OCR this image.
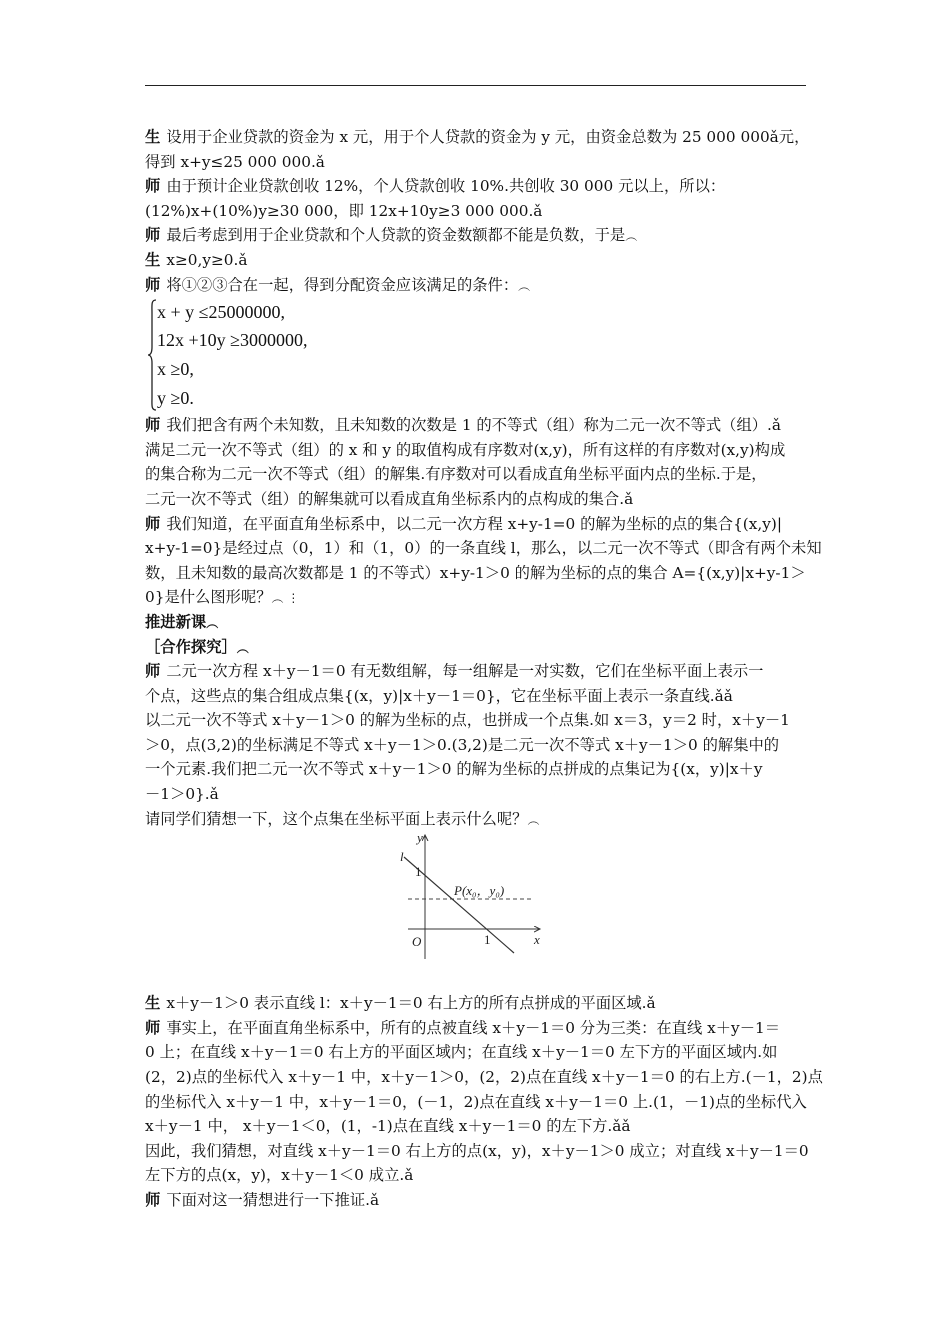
生 设用于企业贷款的资金为 x 元，用于个人贷款的资金为 y 元，由资金总数为 25 000 000ǎ元，
得到 x+y≤25 000 000.ǎ
师 由于预计企业贷款创收 12%，个人贷款创收 10%.共创收 30 000 元以上，所以：
(12%)x+(10%)y≥30 000，即 12x+10y≥3 000 000.ǎ
师 最后考虑到用于企业贷款和个人贷款的资金数额都不能是负数，于是︵
生 x≥0,y≥0.ǎ
师 将①②③合在一起，得到分配资金应该满足的条件：︵
x + y ≤25000000,
12x +10y ≥3000000,
x ≥0,
y ≥0.
师 我们把含有两个未知数，且未知数的次数是 1 的不等式（组）称为二元一次不等式（组）.ǎ
满足二元一次不等式（组）的 x 和 y 的取值构成有序数对(x,y)，所有这样的有序数对(x,y)构成
的集合称为二元一次不等式（组）的解集.有序数对可以看成直角坐标平面内点的坐标.于是，
二元一次不等式（组）的解集就可以看成直角坐标系内的点构成的集合.ǎ
师 我们知道，在平面直角坐标系中，以二元一次方程 x+y-1=0 的解为坐标的点的集合{(x,y)|
x+y-1=0}是经过点（0，1）和（1，0）的一条直线 l，那么，以二元一次不等式（即含有两个未知
数，且未知数的最高次数都是 1 的不等式）x+y-1＞0 的解为坐标的点的集合 A={(x,y)|x+y-1＞
0}是什么图形呢？︵ ⋮
推进新课︵
［合作探究］︵
师 二元一次方程 x＋y－1＝0 有无数组解，每一组解是一对实数，它们在坐标平面上表示一
个点，这些点的集合组成点集{(x，y)|x＋y－1＝0}，它在坐标平面上表示一条直线.ǎǎ
以二元一次不等式 x＋y－1＞0 的解为坐标的点，也拼成一个点集.如 x＝3，y＝2 时，x＋y－1
＞0，点(3,2)的坐标满足不等式 x＋y－1＞0.(3,2)是二元一次不等式 x＋y－1＞0 的解集中的
一个元素.我们把二元一次不等式 x＋y－1＞0 的解为坐标的点拼成的点集记为{(x，y)|x＋y
－1＞0}.ǎ
请同学们猜想一下，这个点集在坐标平面上表示什么呢？︵
y
x
O
l
1
1
P(x₀，y₀)
生 x＋y－1＞0 表示直线 l：x＋y－1＝0 右上方的所有点拼成的平面区域.ǎ
师 事实上，在平面直角坐标系中，所有的点被直线 x＋y－1＝0 分为三类：在直线 x＋y－1＝
0 上；在直线 x＋y－1＝0 右上方的平面区域内；在直线 x＋y－1＝0 左下方的平面区域内.如
(2，2)点的坐标代入 x＋y－1 中，x＋y－1＞0，(2，2)点在直线 x＋y－1＝0 的右上方.(－1，2)点
的坐标代入 x＋y－1 中，x＋y－1＝0，(－1，2)点在直线 x＋y－1＝0 上.(1，－1)点的坐标代入
x＋y－1 中， x＋y－1＜0，(1，-1)点在直线 x＋y－1＝0 的左下方.ǎǎ
因此，我们猜想，对直线 x＋y－1＝0 右上方的点(x，y)，x＋y－1＞0 成立；对直线 x＋y－1＝0
左下方的点(x，y)，x＋y－1＜0 成立.ǎ
师 下面对这一猜想进行一下推证.ǎ
